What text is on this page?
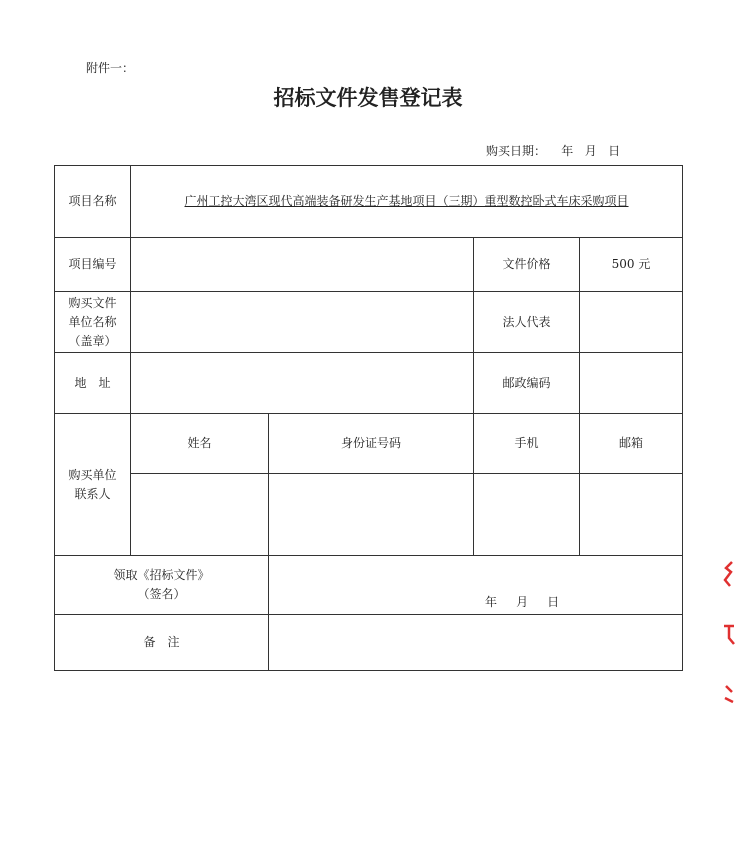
附件一：
招标文件发售登记表
购买日期：    年   月   日
项目名称	广州工控大湾区现代高端装备研发生产基地项目（三期）重型数控卧式车床采购项目			
项目编号			文件价格	500 元

购买文件
单位名称
（盖章）			法人代表	
地　址			邮政编码	

购买单位
联系人	姓名	身份证号码	手机	邮箱

领取《招标文件》
（签名）		年     月     日		
备　注				
